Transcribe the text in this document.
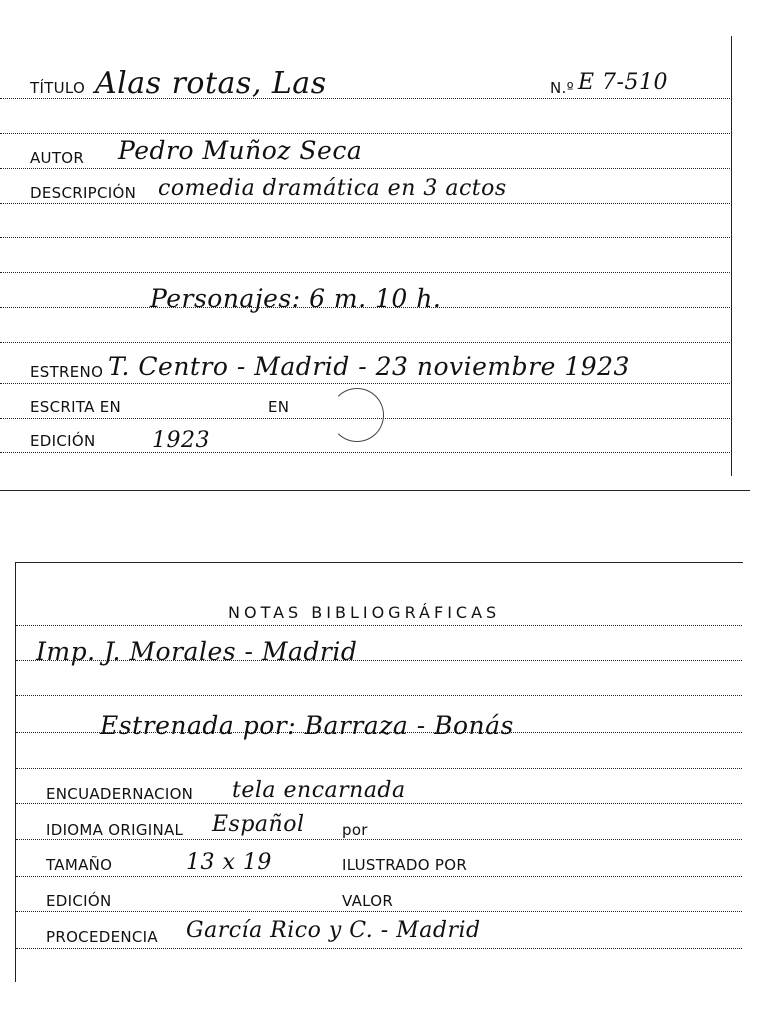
TÍTULO Alas rotas, Las	N.º E 7-510
AUTOR Pedro Muñoz Seca
DESCRIPCIÓN comedia dramática en 3 actos
Personajes: 6 m. 10 h.
ESTRENO T. Centro - Madrid - 23 noviembre 1923
ESCRITA EN	EN
EDICIÓN	1923
NOTAS BIBLIOGRÁFICAS
Imp. J. Morales - Madrid
Estrenada por: Barraza - Bonás
ENCUADERNACION tela encarnada
IDIOMA ORIGINAL Español	por
TAMAÑO	13 x 19	ILUSTRADO POR
EDICIÓN	VALOR
PROCEDENCIA García Rico y C. - Madrid
